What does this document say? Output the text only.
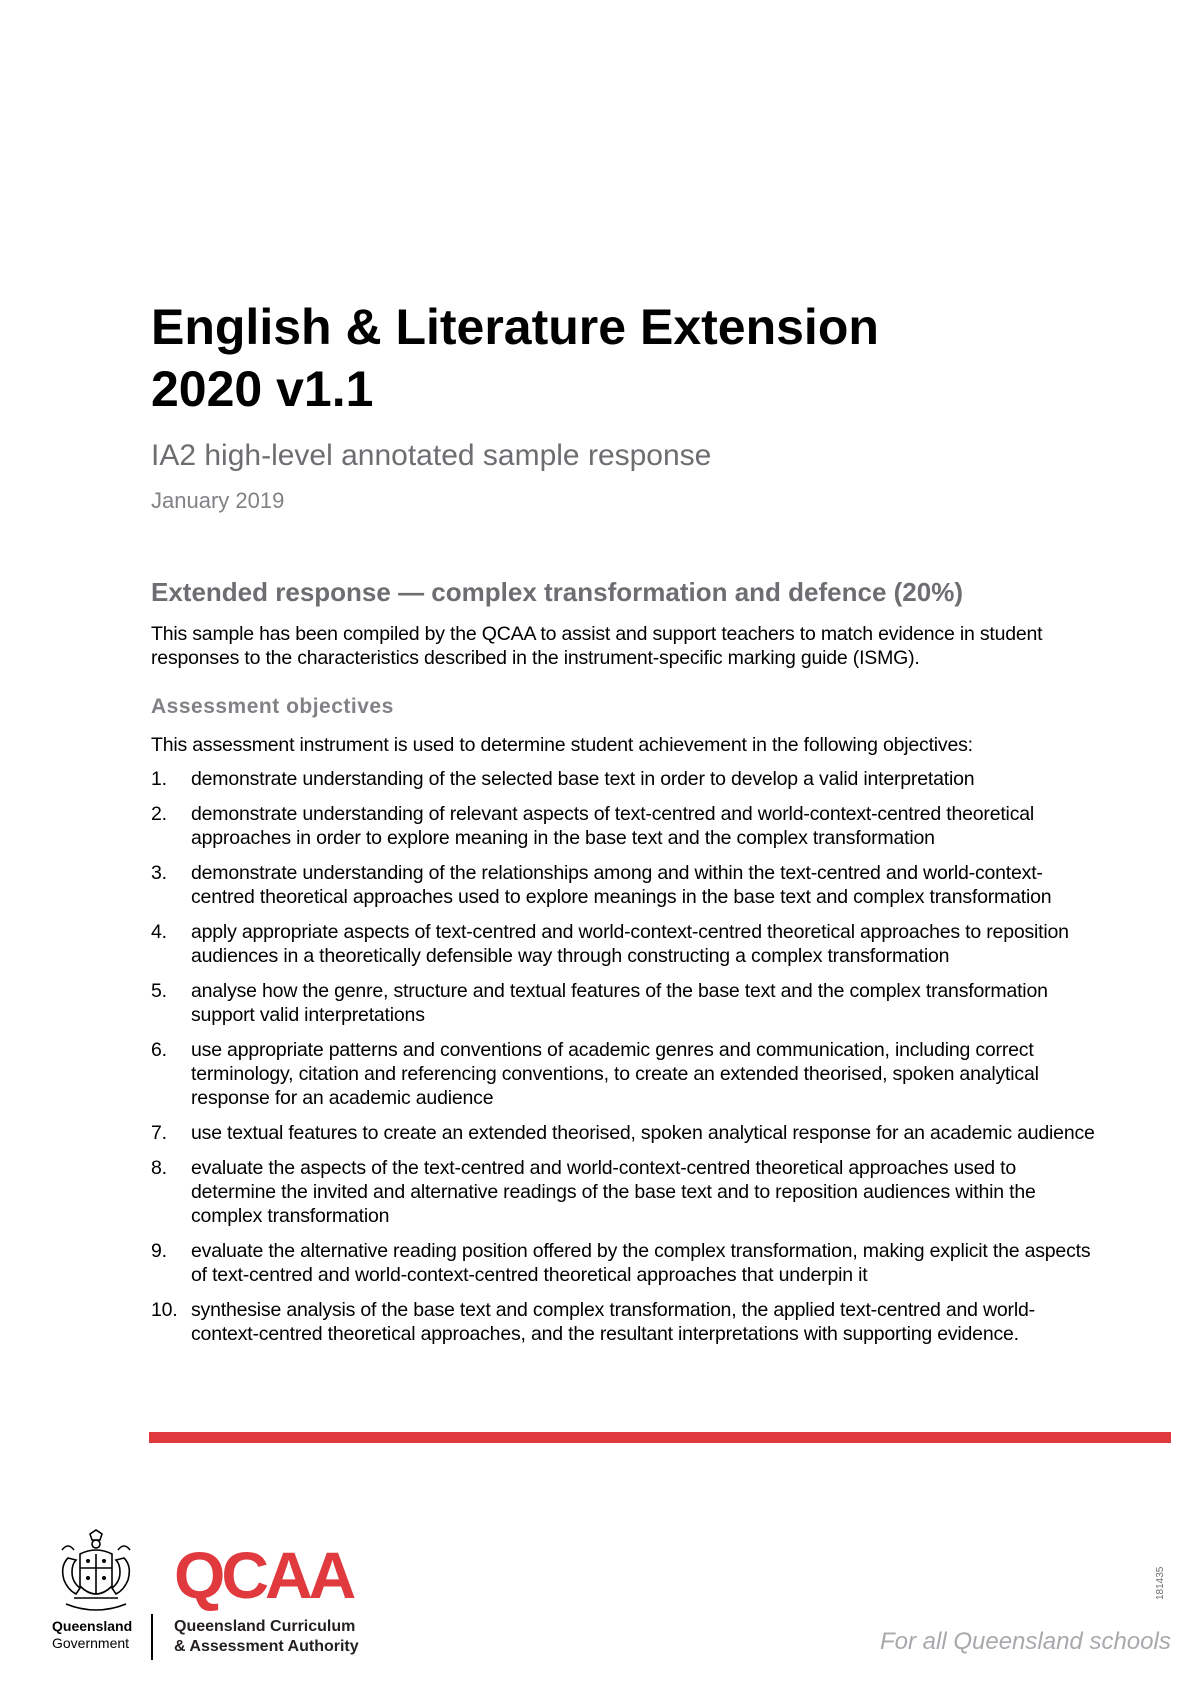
English & Literature Extension
2020 v1.1

IA2 high-level annotated sample response

January 2019

Extended response — complex transformation and defence (20%)

This sample has been compiled by the QCAA to assist and support teachers to match evidence in student responses to the characteristics described in the instrument-specific marking guide (ISMG).

Assessment objectives

This assessment instrument is used to determine student achievement in the following objectives:

1.	demonstrate understanding of the selected base text in order to develop a valid interpretation
2.	demonstrate understanding of relevant aspects of text-centred and world-context-centred theoretical approaches in order to explore meaning in the base text and the complex transformation
3.	demonstrate understanding of the relationships among and within the text-centred and world-context-centred theoretical approaches used to explore meanings in the base text and complex transformation
4.	apply appropriate aspects of text-centred and world-context-centred theoretical approaches to reposition audiences in a theoretically defensible way through constructing a complex transformation
5.	analyse how the genre, structure and textual features of the base text and the complex transformation support valid interpretations
6.	use appropriate patterns and conventions of academic genres and communication, including correct terminology, citation and referencing conventions, to create an extended theorised, spoken analytical response for an academic audience
7.	use textual features to create an extended theorised, spoken analytical response for an academic audience
8.	evaluate the aspects of the text-centred and world-context-centred theoretical approaches used to determine the invited and alternative readings of the base text and to reposition audiences within the complex transformation
9.	evaluate the alternative reading position offered by the complex transformation, making explicit the aspects of text-centred and world-context-centred theoretical approaches that underpin it
10. synthesise analysis of the base text and complex transformation, the applied text-centred and world-context-centred theoretical approaches, and the resultant interpretations with supporting evidence.

Queensland
Government

QCAA

Queensland Curriculum
& Assessment Authority	For all Queensland schools

181435
